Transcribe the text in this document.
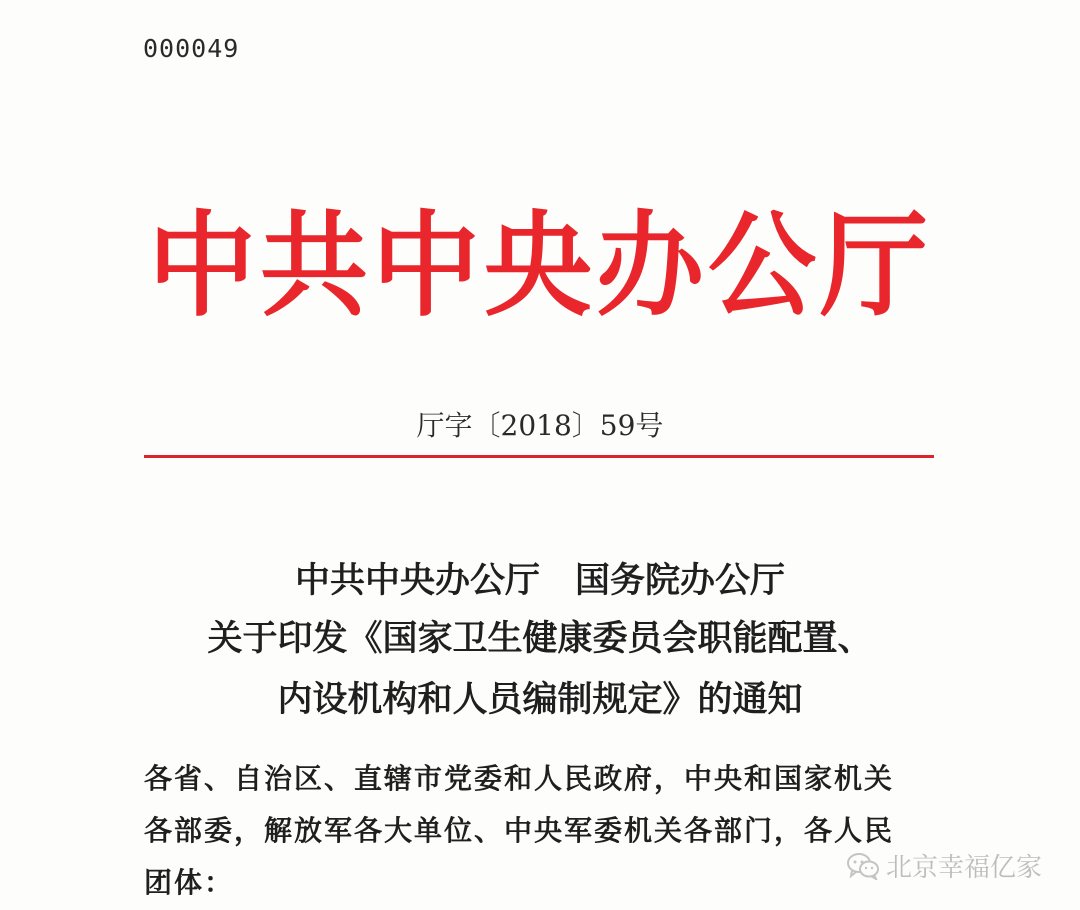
000049
中共中央办公厅
厅字〔2018〕59号
中共中央办公厅　国务院办公厅
关于印发《国家卫生健康委员会职能配置、
内设机构和人员编制规定》的通知
各省、自治区、直辖市党委和人民政府，中央和国家机关
各部委，解放军各大单位、中央军委机关各部门，各人民
团体：	北京幸福亿家
